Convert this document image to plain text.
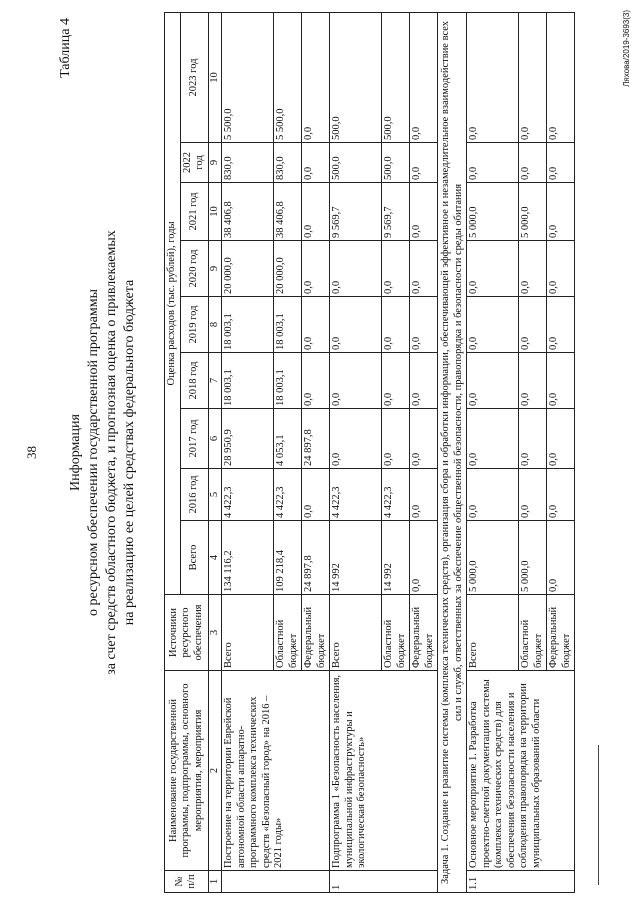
38
Таблица 4
Информация о ресурсном обеспечении государственной программы за счет средств областного бюджета, и прогнозная оценка о привлекаемых на реализацию ее целей средствах федерального бюджета
№ п/п	Наименование государственной программы, подпрограммы, основного мероприятия, мероприятия	Источники ресурсного обеспечения	Оценка расходов (тыс. рублей), годы								
			Всего	2016 год	2017 год	2018 год	2019 год	2020 год	2021 год	2022 год	2023 год
1	2	3	4	5	6	7	8	9	10	9	10
	Построение на территории Еврейской автономной области аппаратно-программного комплекса технических средств «Безопасный город» на 2016 – 2021 годы»	Всего	134 116,2	4 422,3	28 950,9	18 003,1	18 003,1	20 000,0	38 406,8	830,0	5 500,0
		Областной бюджет	109 218,4	4 422,3	4 053,1	18 003,1	18 003,1	20 000,0	38 406,8	830,0	5 500,0
		Федеральный бюджет	24 897,8	0,0	24 897,8	0,0	0,0	0,0	0,0	0,0	0,0
1	Подпрограмма 1 «Безопасность населения, муниципальной инфраструктуры и экологическая безопасность»	Всего	14 992	4 422,3	0,0	0,0	0,0	0,0	9 569,7	500,0	500,0
		Областной бюджет	14 992	4 422,3	0,0	0,0	0,0	0,0	9 569,7	500,0	500,0
		Федеральный бюджет	0,0	0,0	0,0	0,0	0,0	0,0	0,0	0,0	0,0
Задача 1. Создание и развитие системы (комплекса технических средств), организация сбора и обработки информации, обеспечивающей эффективное и незамедлительное взаимодействие всех сил и служб, ответственных за обеспечение общественной безопасности, правопорядка и безопасности среды обитания											
1.1	Основное мероприятие 1. Разработка проектно-сметной документации системы (комплекса технических средств) для обеспечения безопасности населения и соблюдения правопорядка на территории муниципальных образований области	Всего	5 000,0	0,0	0,0	0,0	0,0	0,0	5 000,0	0,0	0,0
		Областной бюджет	5 000,0	0,0	0,0	0,0	0,0	0,0	5 000,0	0,0	0,0
		Федеральный бюджет	0,0	0,0	0,0	0,0	0,0	0,0	0,0	0,0	0,0
Ляхова/2019-3693(3)
